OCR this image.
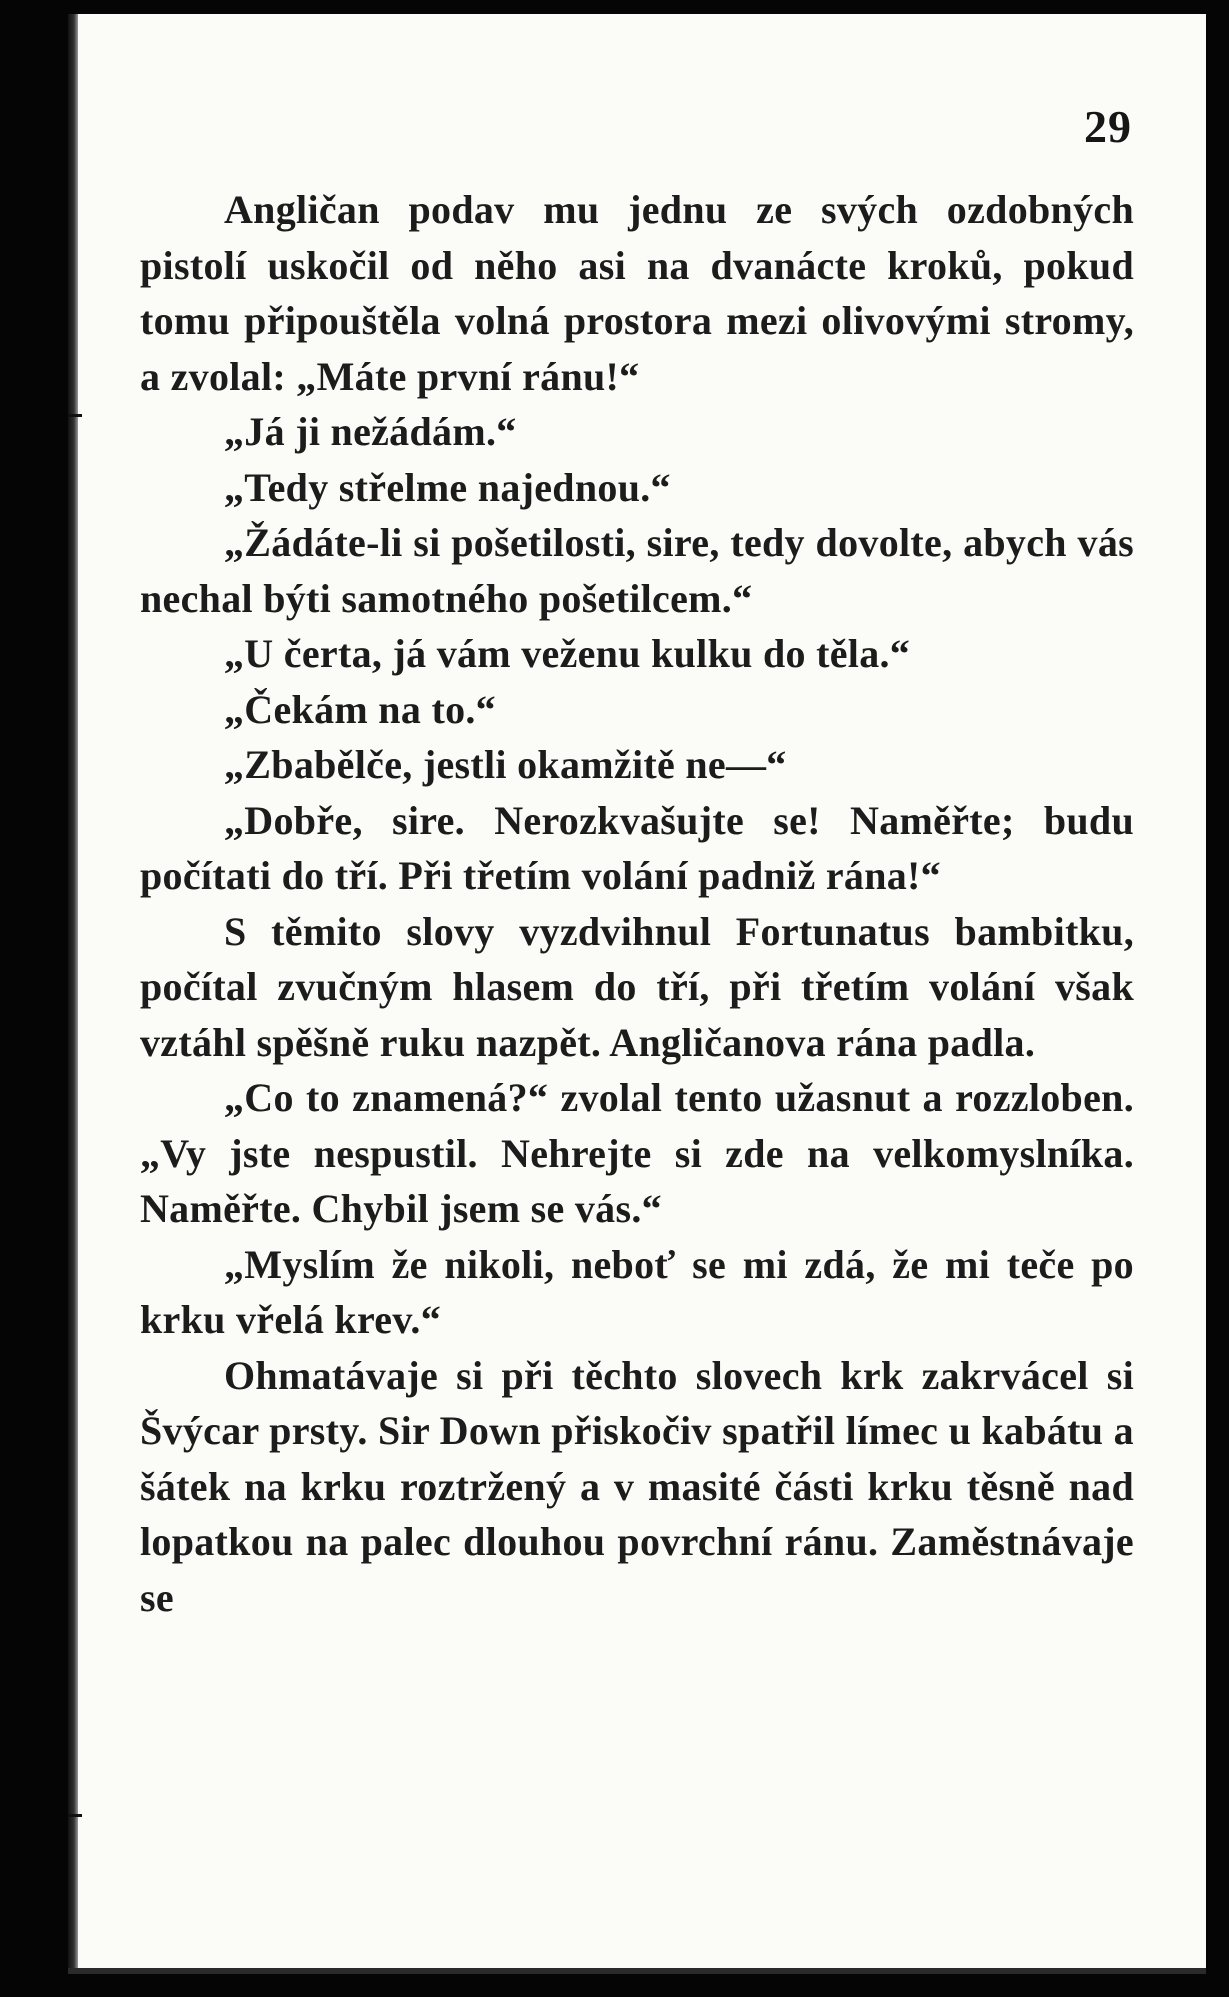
29

Angličan podav mu jednu ze svých ozdobných pistolí uskočil od něho asi na dvanácte kroků, pokud tomu připouštěla volná prostora mezi olivovými stromy, a zvolal: „Máte první ránu!“

„Já ji nežádám.“

„Tedy střelme najednou.“

„Žádáte-li si pošetilosti, sire, tedy dovolte, abych vás nechal býti samotného pošetilcem.“

„U čerta, já vám veženu kulku do těla.“

„Čekám na to.“

„Zbabělče, jestli okamžitě ne—“

„Dobře, sire. Nerozkvašujte se! Naměřte; budu počítati do tří. Při třetím volání padniž rána!“

S těmito slovy vyzdvihnul Fortunatus bambitku, počítal zvučným hlasem do tří, při třetím volání však vztáhl spěšně ruku nazpět. Angličanova rána padla.

„Co to znamená?“ zvolal tento užasnut a rozzloben. „Vy jste nespustil. Nehrejte si zde na velkomyslníka. Naměřte. Chybil jsem se vás.“

„Myslím že nikoli, neboť se mi zdá, že mi teče po krku vřelá krev.“

Ohmatávaje si při těchto slovech krk zakrvácel si Švýcar prsty. Sir Down přiskočiv spatřil límec u kabátu a šátek na krku roztržený a v masité části krku těsně nad lopatkou na palec dlouhou povrchní ránu. Zaměstnávaje se
